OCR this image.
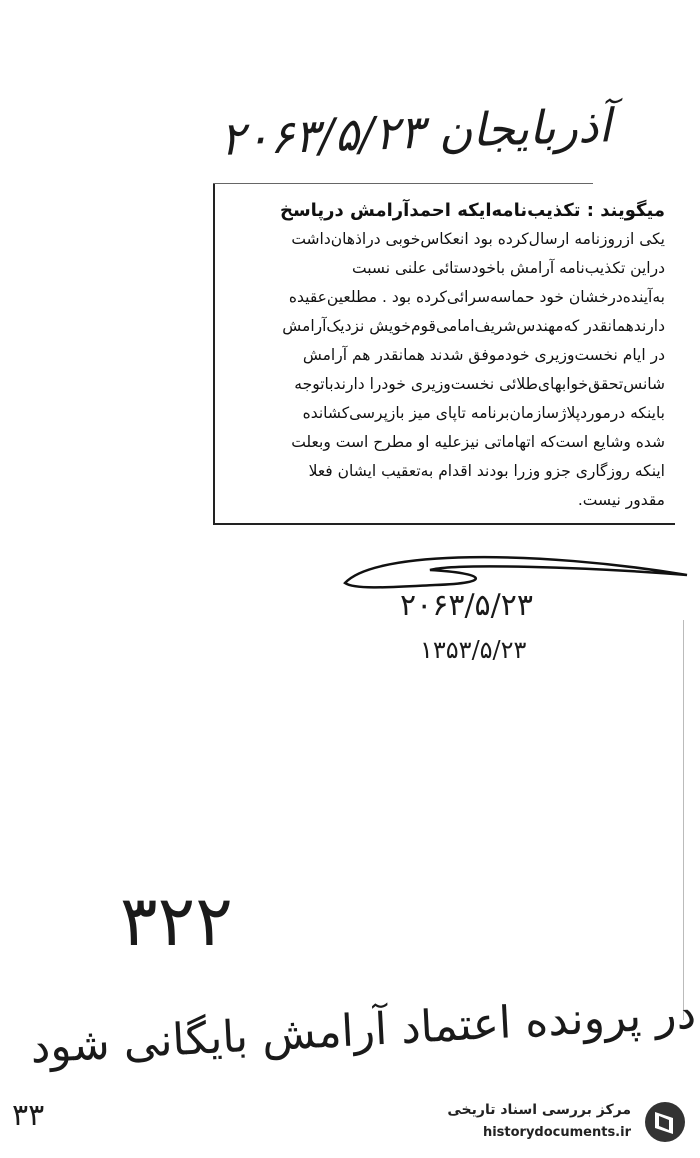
آذربایجان ۲۰۶۳/۵/۲۳
میگویند : تکذیب‌نامه‌ایکه احمدآرامش درپاسخ
یکی ازروزنامه ارسال‌کرده بود انعکاس‌خوبی دراذهان‌داشت
دراین تکذیب‌نامه آرامش باخودستائی علنی نسبت
به‌آینده‌درخشان خود حماسه‌سرائی‌کرده بود . مطلعین‌عقیده
دارندهمانقدر که‌مهندس‌شریف‌امامی‌قوم‌خویش نزدیک‌آرامش
در ایام نخست‌وزیری خودموفق شدند همانقدر هم آرامش
شانس‌تحقق‌خوابهای‌طلائی نخست‌وزیری خودرا دارندباتوجه
باینکه درموردپلاژسازمان‌برنامه تاپای میز بازپرسی‌کشانده
شده وشایع است‌که اتهاماتی نیزعلیه او مطرح است وبعلت
اینکه روزگاری جزو وزرا بودند اقدام به‌تعقیب ایشان فعلا
مقدور نیست.
۲۰۶۳/۵/۲۳
۱۳۵۳/۵/۲۳
۳۲۲
در پرونده اعتماد آرامش بایگانی شود
۳۳	مرکز بررسی اسناد تاریخی
historydocuments.ir
